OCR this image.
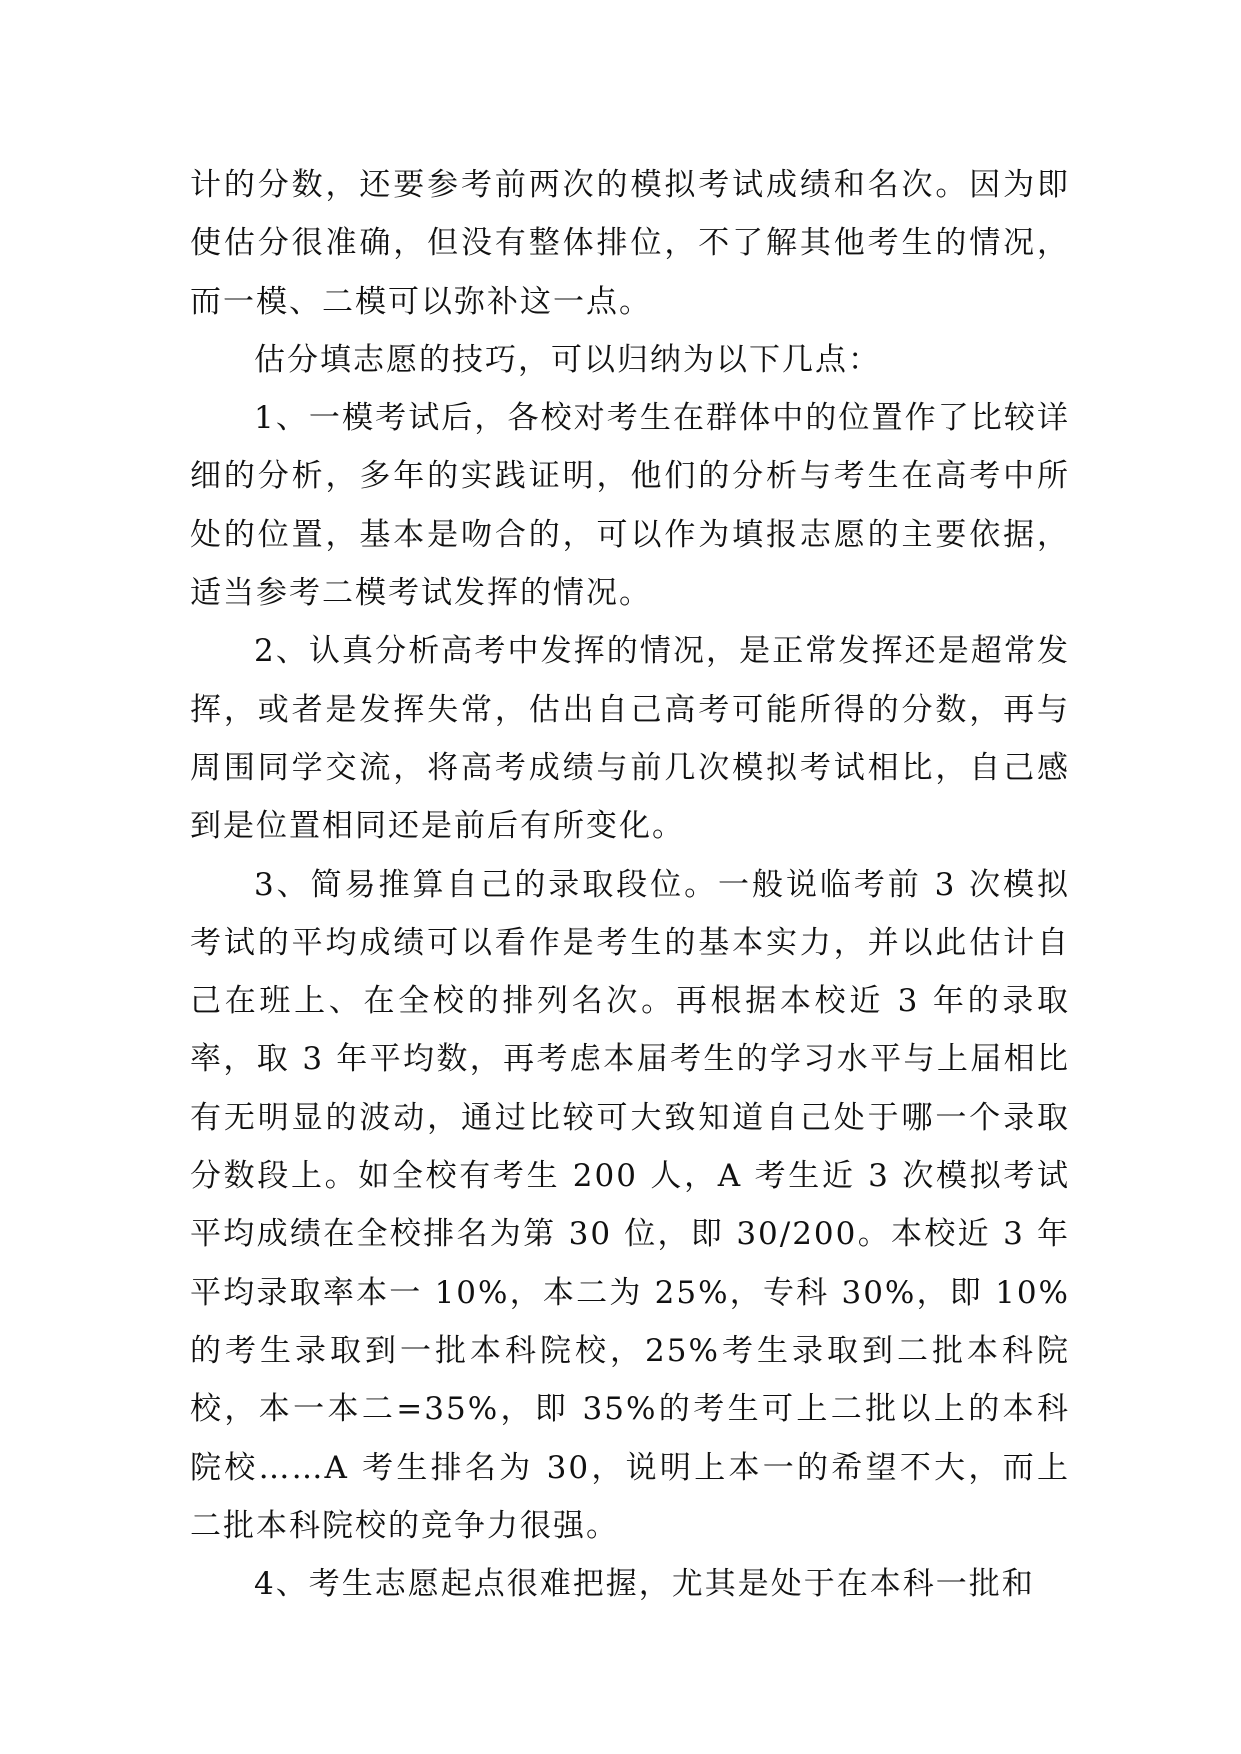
计的分数，还要参考前两次的模拟考试成绩和名次。因为即使估分很准确，但没有整体排位，不了解其他考生的情况，而一模、二模可以弥补这一点。

估分填志愿的技巧，可以归纳为以下几点：

1、一模考试后，各校对考生在群体中的位置作了比较详细的分析，多年的实践证明，他们的分析与考生在高考中所处的位置，基本是吻合的，可以作为填报志愿的主要依据，适当参考二模考试发挥的情况。

2、认真分析高考中发挥的情况，是正常发挥还是超常发挥，或者是发挥失常，估出自己高考可能所得的分数，再与周围同学交流，将高考成绩与前几次模拟考试相比，自己感到是位置相同还是前后有所变化。

3、简易推算自己的录取段位。一般说临考前 3 次模拟考试的平均成绩可以看作是考生的基本实力，并以此估计自己在班上、在全校的排列名次。再根据本校近 3 年的录取率，取 3 年平均数，再考虑本届考生的学习水平与上届相比有无明显的波动，通过比较可大致知道自己处于哪一个录取分数段上。如全校有考生 200 人，A 考生近 3 次模拟考试平均成绩在全校排名为第 30 位，即 30/200。本校近 3 年平均录取率本一 10%，本二为 25%，专科 30%，即 10%的考生录取到一批本科院校，25%考生录取到二批本科院校，本一本二=35%，即 35%的考生可上二批以上的本科院校……A 考生排名为 30，说明上本一的希望不大，而上二批本科院校的竞争力很强。

4、考生志愿起点很难把握，尤其是处于在本科一批和
